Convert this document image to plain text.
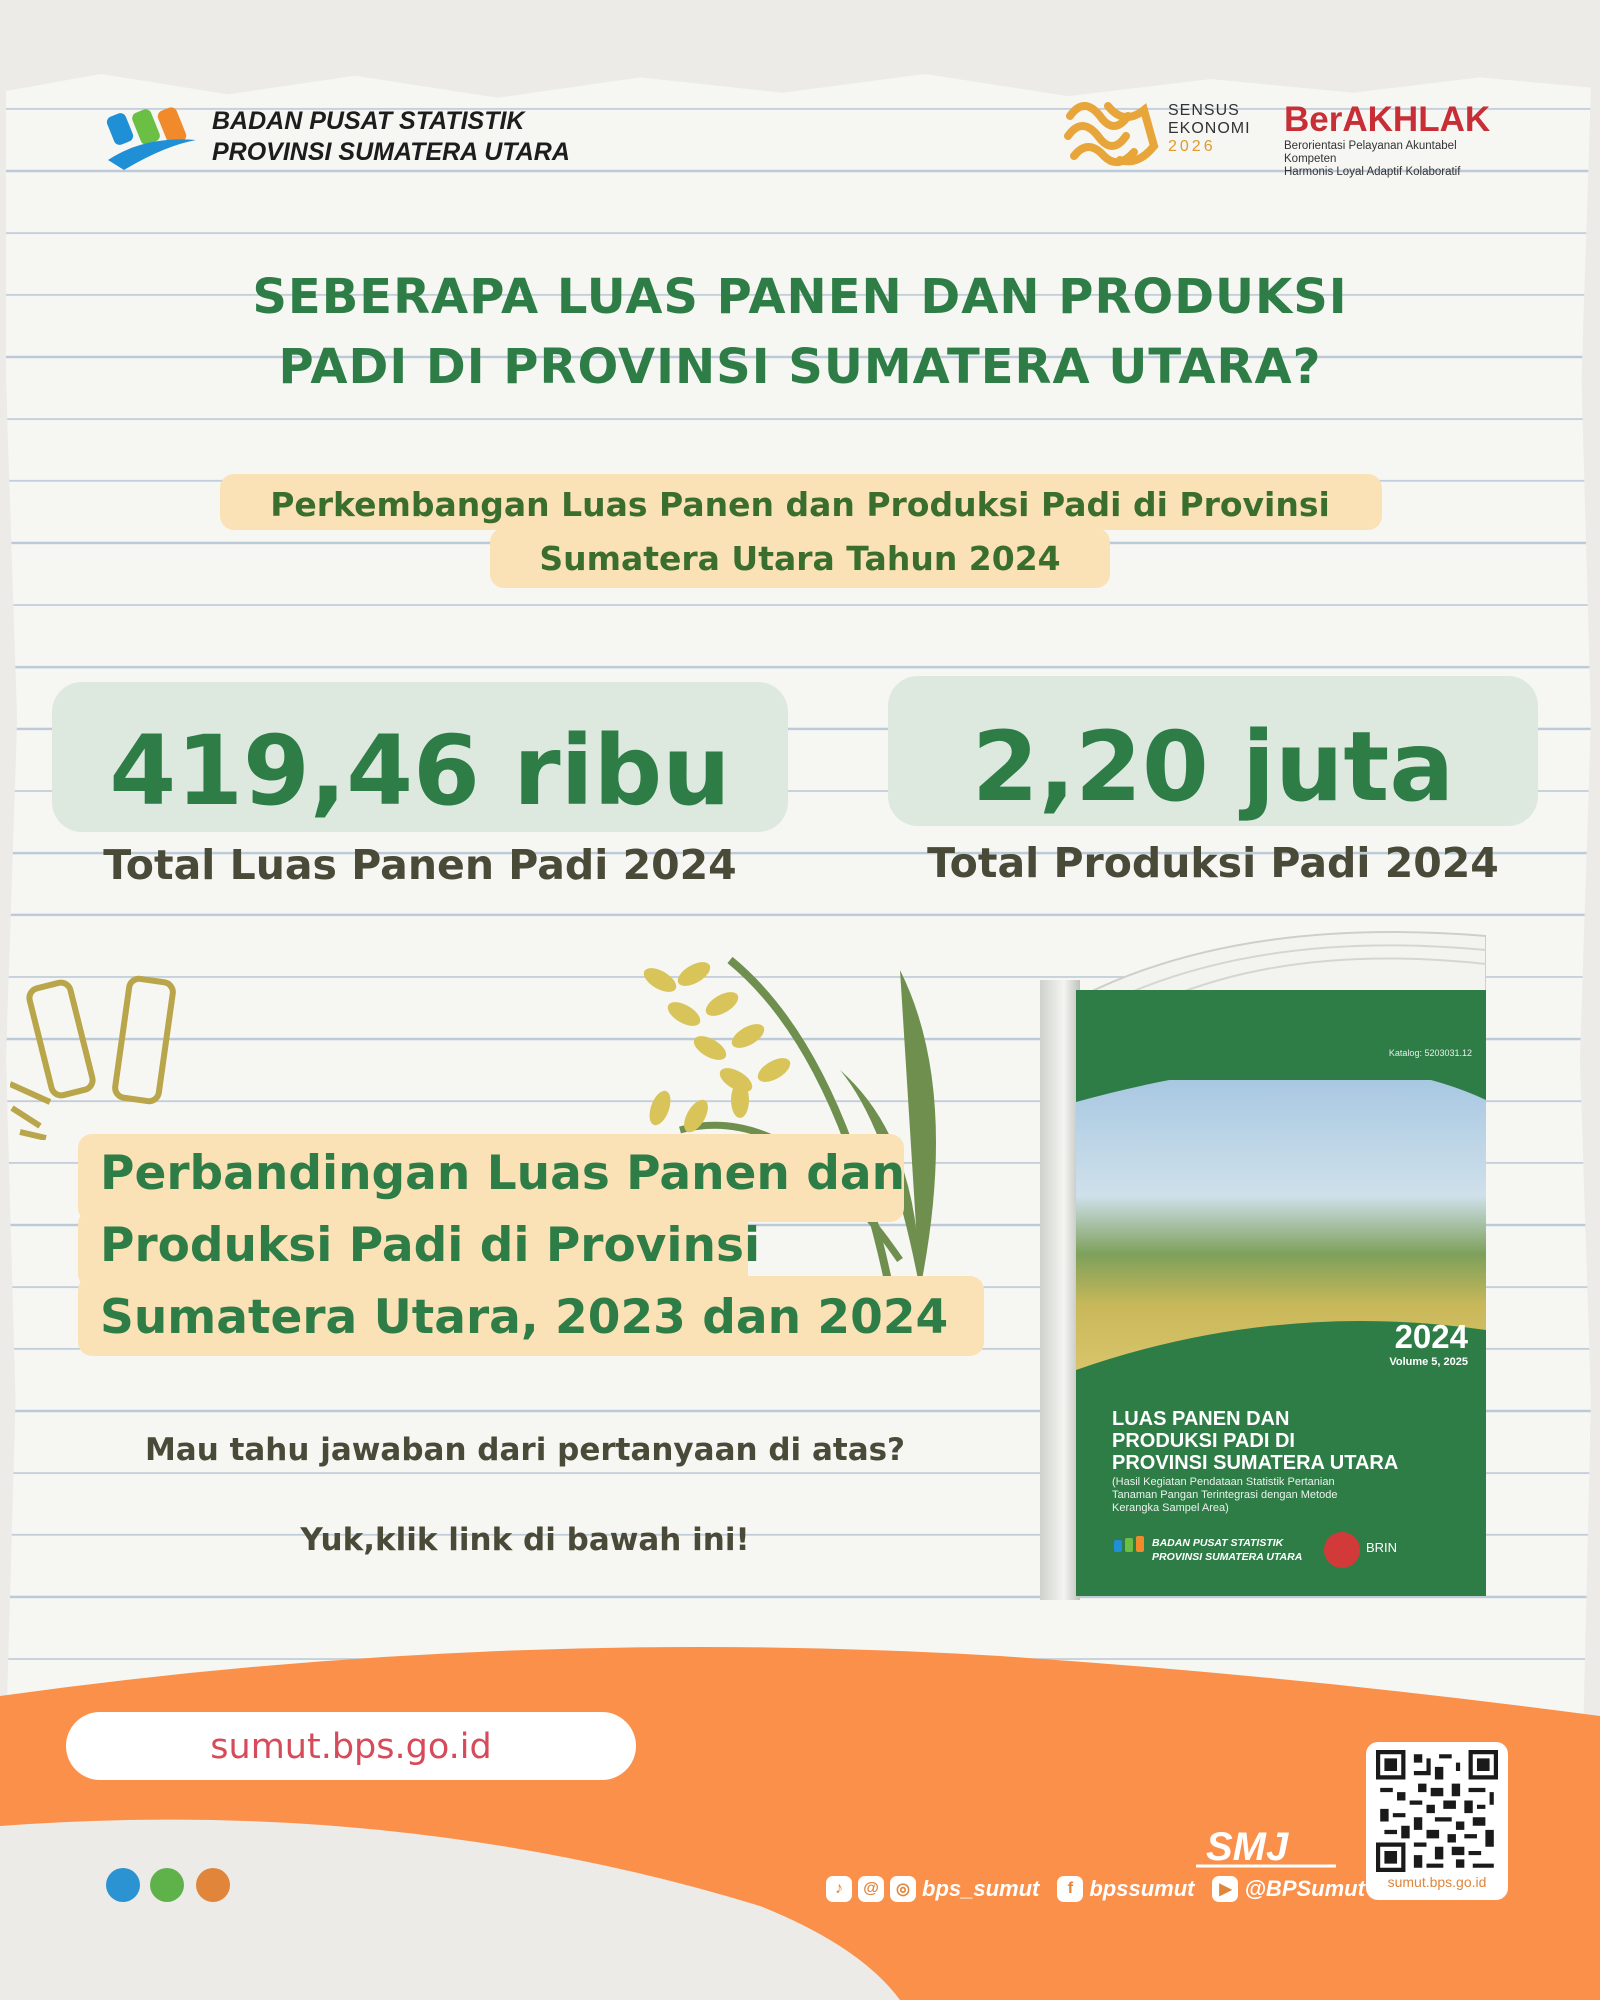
BADAN PUSAT STATISTIK
PROVINSI SUMATERA UTARA
SENSUS
EKONOMI
2026
BerAKHLAK
Berorientasi Pelayanan Akuntabel Kompeten
Harmonis Loyal Adaptif Kolaboratif
SEBERAPA LUAS PANEN DAN PRODUKSI
PADI DI PROVINSI SUMATERA UTARA?
Perkembangan Luas Panen dan Produksi Padi di Provinsi
Sumatera Utara Tahun 2024
419,46 ribu	2,20 juta
Total Luas Panen Padi 2024	Total Produksi Padi 2024
Perbandingan Luas Panen dan
Produksi Padi di Provinsi
Sumatera Utara, 2023 dan 2024
Mau tahu jawaban dari pertanyaan di atas?
Yuk,klik link di bawah ini!
Katalog: 5203031.12
2024
Volume 5, 2025
LUAS PANEN DAN
PRODUKSI PADI DI
PROVINSI SUMATERA UTARA
(Hasil Kegiatan Pendataan Statistik Pertanian
Tanaman Pangan Terintegrasi dengan Metode
Kerangka Sampel Area)
BADAN PUSAT STATISTIK
PROVINSI SUMATERA UTARA
BRIN
sumut.bps.go.id
SMJ
sumut.bps.go.id
♪	@	◎ bps_sumut	f bpssumut	▶ @BPSumut
